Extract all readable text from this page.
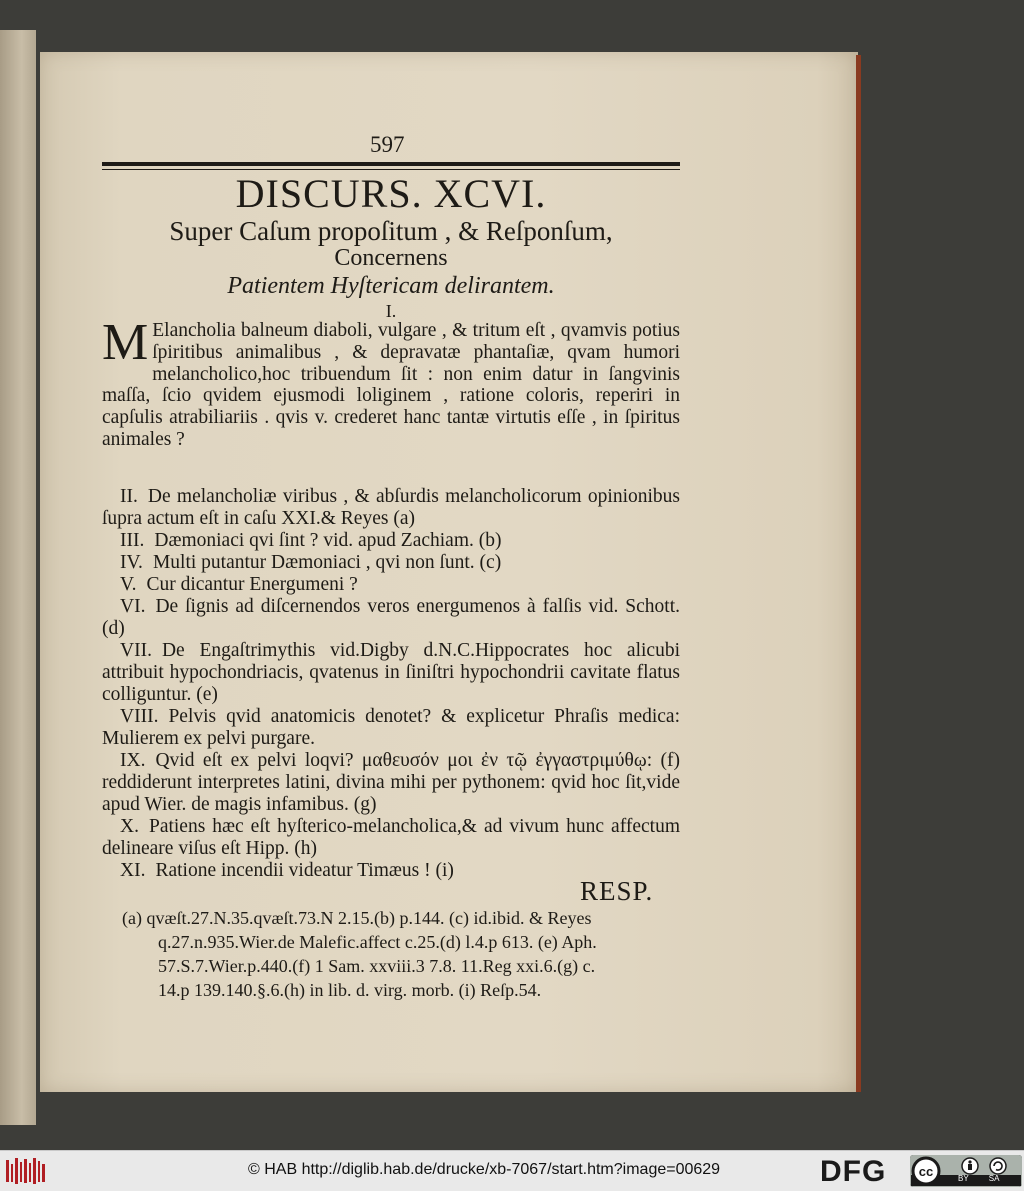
597
DISCURS. XCVI.
Super Caſum propoſitum , & Reſponſum,
Concernens
Patientem Hyſtericam delirantem.
I.
M Elancholia balneum diaboli, vulgare , & tritum eſt , qvamvis potius ſpiritibus animalibus , & depravatæ phantaſiæ, qvam humori melancholico,hoc tribuendum ſit : non enim datur in ſangvinis maſſa, ſcio qvidem ejusmodi loliginem , ratione coloris, reperiri in capſulis atrabiliariis . qvis v. crederet hanc tantæ virtutis eſſe , in ſpiritus animales ?
II. De melancholiæ viribus , & abſurdis melancholicorum opinionibus ſupra actum eſt in caſu XXI.& Reyes (a)
III. Dæmoniaci qvi ſint ? vid. apud Zachiam. (b)
IV. Multi putantur Dæmoniaci , qvi non ſunt. (c)
V. Cur dicantur Energumeni ?
VI. De ſignis ad diſcernendos veros energumenos à falſis vid. Schott. (d)
VII. De Engaſtrimythis vid.Digby d.N.C.Hippocrates hoc alicubi attribuit hypochondriacis, qvatenus in ſiniſtri hypochondrii cavitate flatus colliguntur. (e)
VIII. Pelvis qvid anatomicis denotet? & explicetur Phraſis medica: Mulierem ex pelvi purgare.
IX. Qvid eſt ex pelvi loqvi? μαθευσόν μοι ἐν τῷ ἐγγαστριμύθῳ: (f) reddiderunt interpretes latini, divina mihi per pythonem: qvid hoc ſit,vide apud Wier. de magis infamibus. (g)
X. Patiens hæc eſt hyſterico-melancholica,& ad vivum hunc affectum delineare viſus eſt Hipp. (h)
XI. Ratione incendii videatur Timæus ! (i)
RESP.
(a) qvæſt.27.N.35.qvæſt.73.N 2.15.(b) p.144. (c) id.ibid. & Reyes
q.27.n.935.Wier.de Malefic.affect c.25.(d) l.4.p 613. (e) Aph.
57.S.7.Wier.p.440.(f) 1 Sam. xxviii.3 7.8. 11.Reg xxi.6.(g) c.
14.p 139.140.§.6.(h) in lib. d. virg. morb. (i) Reſp.54.
© HAB http://diglib.hab.de/drucke/xb-7067/start.htm?image=00629	DFG cc	BY SA
